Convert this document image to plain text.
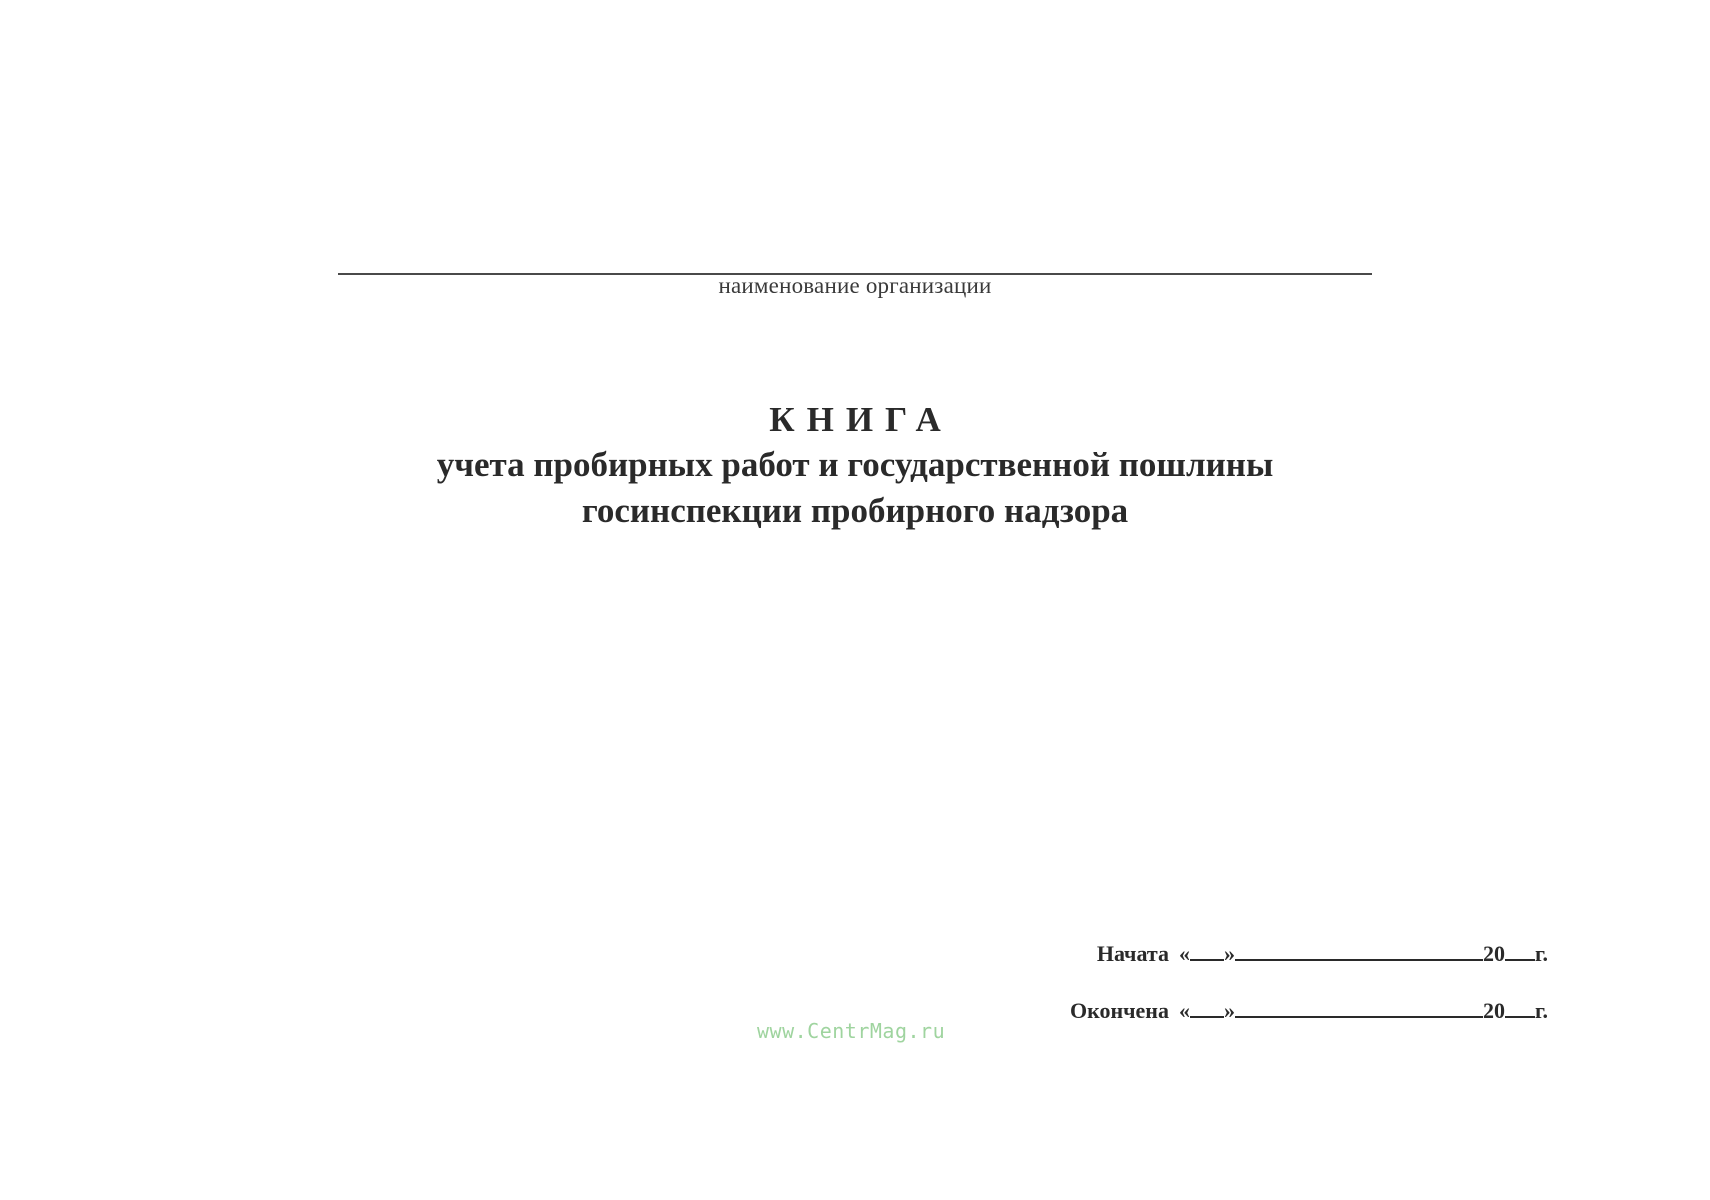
наименование организации
КНИГА
учета пробирных работ и государственной пошлины
госинспекции пробирного надзора
Начата « »	20 г.
Окончена « »	20 г.
www.CentrMag.ru
